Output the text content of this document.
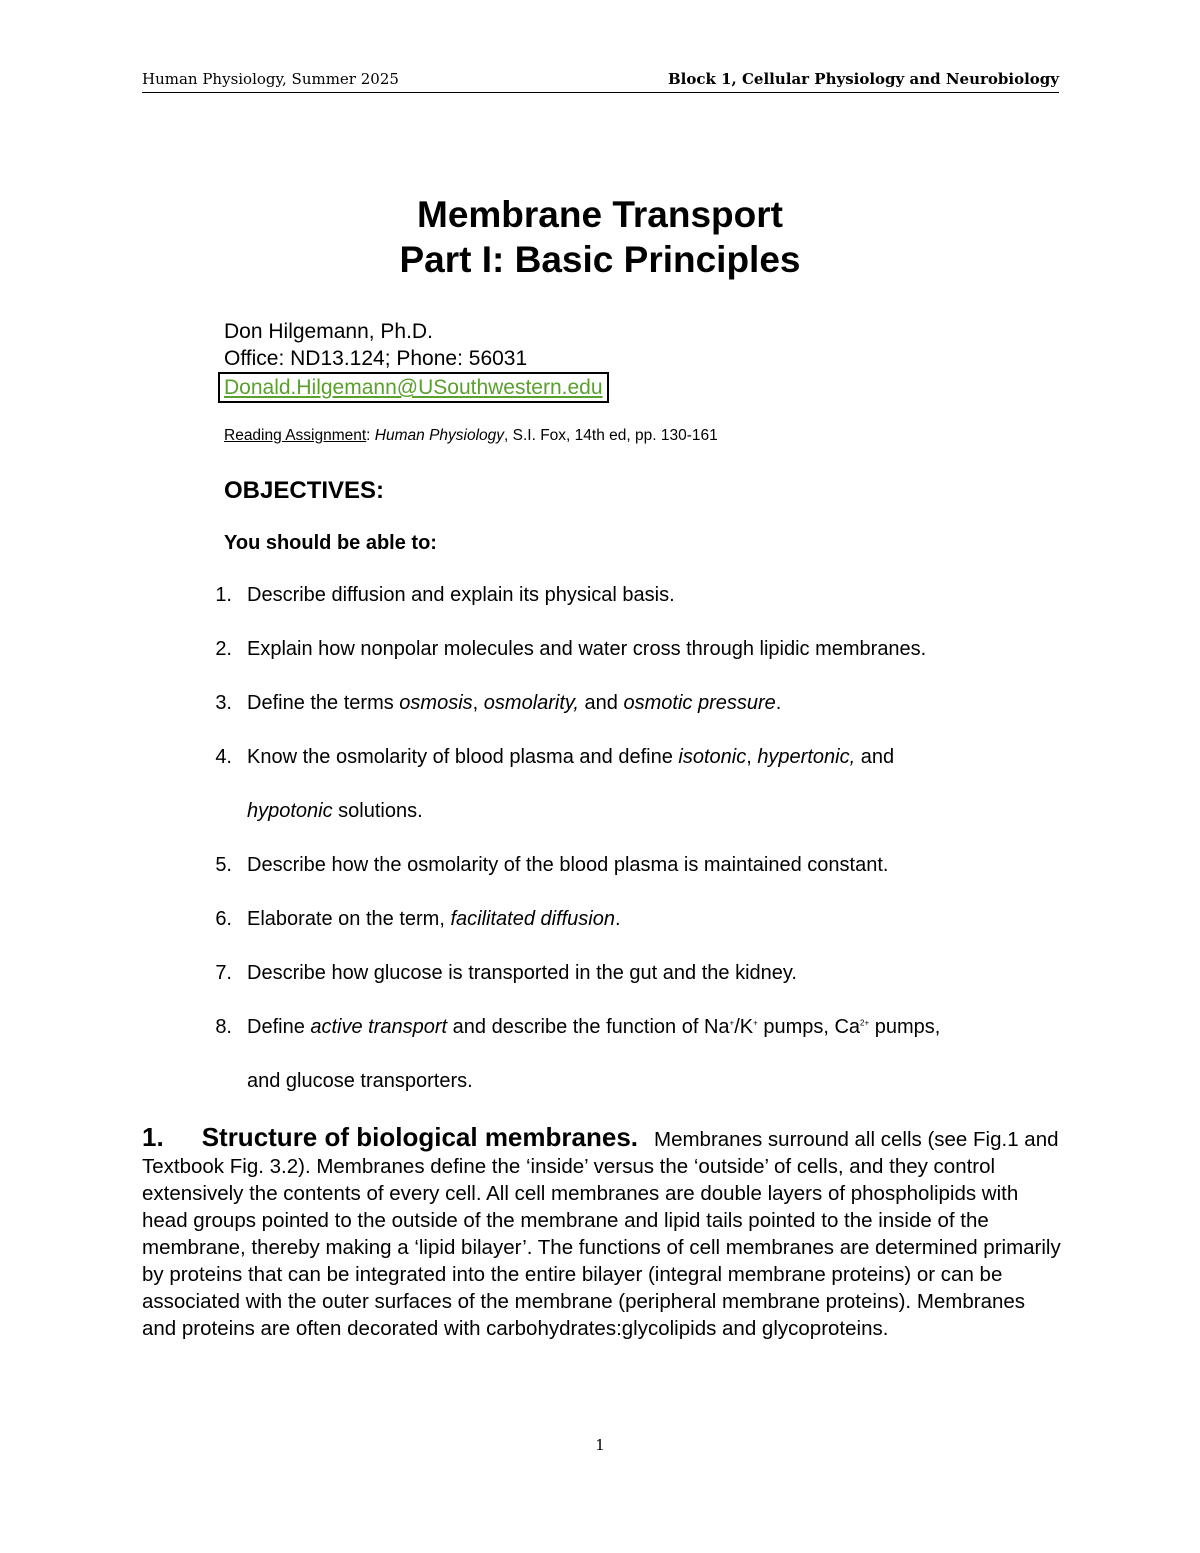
Human Physiology, Summer 2025	Block 1, Cellular Physiology and Neurobiology
Membrane Transport
Part I: Basic Principles
Don Hilgemann, Ph.D.
Office: ND13.124; Phone: 56031
Donald.Hilgemann@USouthwestern.edu
Reading Assignment: Human Physiology, S.I. Fox, 14th ed, pp. 130-161
OBJECTIVES:
You should be able to:
1. Describe diffusion and explain its physical basis.
2. Explain how nonpolar molecules and water cross through lipidic membranes.
3. Define the terms osmosis, osmolarity, and osmotic pressure.
4. Know the osmolarity of blood plasma and define isotonic, hypertonic, and
hypotonic solutions.
5. Describe how the osmolarity of the blood plasma is maintained constant.
6. Elaborate on the term, facilitated diffusion.
7. Describe how glucose is transported in the gut and the kidney.
8. Define active transport and describe the function of Na+/K+ pumps, $Ca^{2+}$ pumps,
and glucose transporters.
1. Structure of biological membranes. Membranes surround all cells (see Fig.1 and Textbook Fig. 3.2). Membranes define the ‘inside’ versus the ‘outside’ of cells, and they control extensively the contents of every cell. All cell membranes are double layers of phospholipids with head groups pointed to the outside of the membrane and lipid tails pointed to the inside of the membrane, thereby making a ‘lipid bilayer’. The functions of cell membranes are determined primarily by proteins that can be integrated into the entire bilayer (integral membrane proteins) or can be associated with the outer surfaces of the membrane (peripheral membrane proteins). Membranes and proteins are often decorated with carbohydrates:glycolipids and glycoproteins.
1
